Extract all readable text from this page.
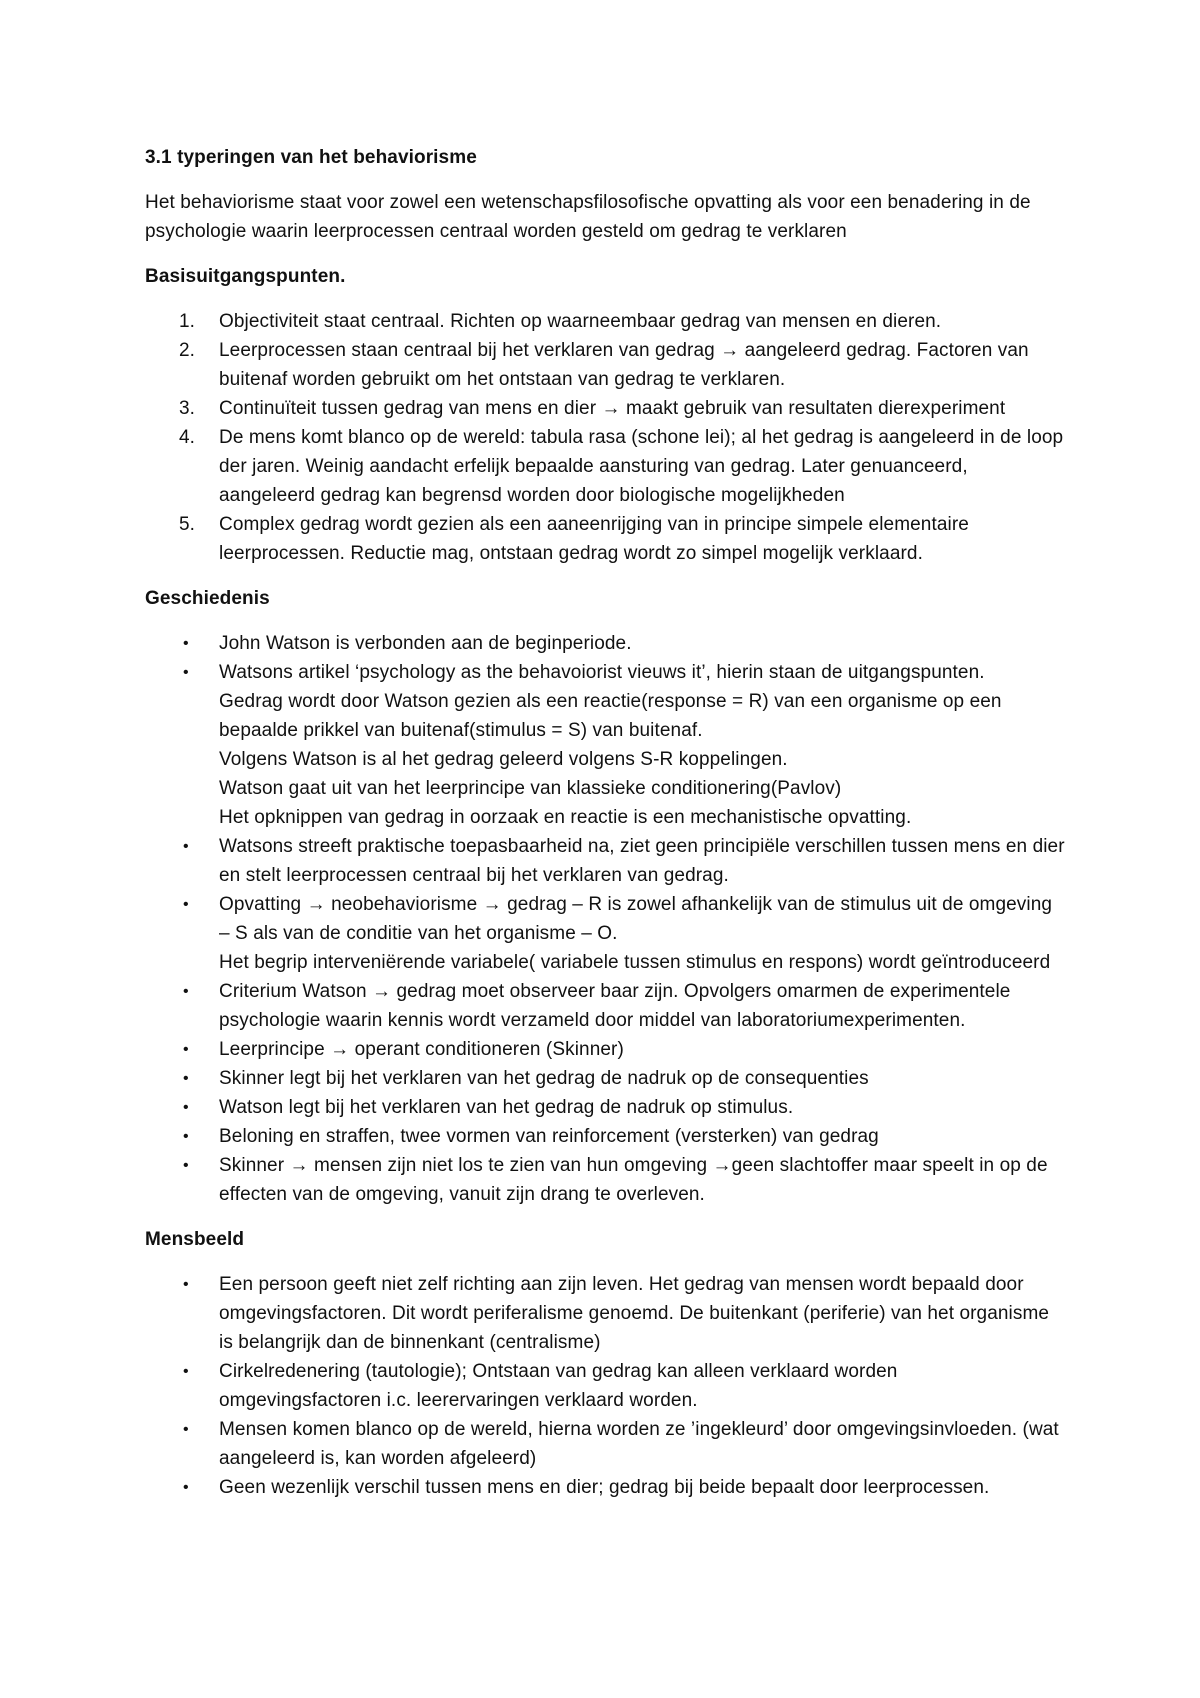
3.1 typeringen van het behaviorisme
Het behaviorisme staat voor zowel een wetenschapsfilosofische opvatting als voor een benadering in de psychologie waarin leerprocessen centraal worden gesteld om gedrag te verklaren
Basisuitgangspunten.
1.	Objectiviteit staat centraal. Richten op waarneembaar gedrag van mensen en dieren.
2.	Leerprocessen staan centraal bij het verklaren van gedrag → aangeleerd gedrag. Factoren van buitenaf worden gebruikt om het ontstaan van gedrag te verklaren.
3.	Continuïteit tussen gedrag van mens en dier → maakt gebruik van resultaten dierexperiment
4.	De mens komt blanco op de wereld: tabula rasa (schone lei); al het gedrag is aangeleerd in de loop der jaren. Weinig aandacht erfelijk bepaalde aansturing van gedrag. Later genuanceerd, aangeleerd gedrag kan begrensd worden door biologische mogelijkheden
5.	Complex gedrag wordt gezien als een aaneenrijging van in principe simpele elementaire leerprocessen. Reductie mag, ontstaan gedrag wordt zo simpel mogelijk verklaard.
Geschiedenis
•	John Watson is verbonden aan de beginperiode.
•	Watsons artikel ‘psychology as the behavoiorist vieuws it’, hierin staan de uitgangspunten.
Gedrag wordt door Watson gezien als een reactie(response = R) van een organisme op een bepaalde prikkel van buitenaf(stimulus = S) van buitenaf.
Volgens Watson is al het gedrag geleerd volgens S-R koppelingen.
Watson gaat uit van het leerprincipe van klassieke conditionering(Pavlov)
Het opknippen van gedrag in oorzaak en reactie is een mechanistische opvatting.
•	Watsons streeft praktische toepasbaarheid na, ziet geen principiële verschillen tussen mens en dier en stelt leerprocessen centraal bij het verklaren van gedrag.
•	Opvatting → neobehaviorisme → gedrag – R is zowel afhankelijk van de stimulus uit de omgeving – S als van de conditie van het organisme – O.
Het begrip interveniërende variabele( variabele tussen stimulus en respons) wordt geïntroduceerd
•	Criterium Watson → gedrag moet observeer baar zijn. Opvolgers omarmen de experimentele psychologie waarin kennis wordt verzameld door middel van laboratoriumexperimenten.
•	Leerprincipe → operant conditioneren (Skinner)
•	Skinner legt bij het verklaren van het gedrag de nadruk op de consequenties
•	Watson legt bij het verklaren van het gedrag de nadruk op stimulus.
•	Beloning en straffen, twee vormen van reinforcement (versterken) van gedrag
•	Skinner → mensen zijn niet los te zien van hun omgeving →geen slachtoffer maar speelt in op de effecten van de omgeving, vanuit zijn drang te overleven.
Mensbeeld
•	Een persoon geeft niet zelf richting aan zijn leven. Het gedrag van mensen wordt bepaald door omgevingsfactoren. Dit wordt periferalisme genoemd. De buitenkant (periferie) van het organisme is belangrijk dan de binnenkant (centralisme)
•	Cirkelredenering (tautologie); Ontstaan van gedrag kan alleen verklaard worden omgevingsfactoren i.c. leerervaringen verklaard worden.
•	Mensen komen blanco op de wereld, hierna worden ze ’ingekleurd’ door omgevingsinvloeden. (wat aangeleerd is, kan worden afgeleerd)
•	Geen wezenlijk verschil tussen mens en dier; gedrag bij beide bepaalt door leerprocessen.
